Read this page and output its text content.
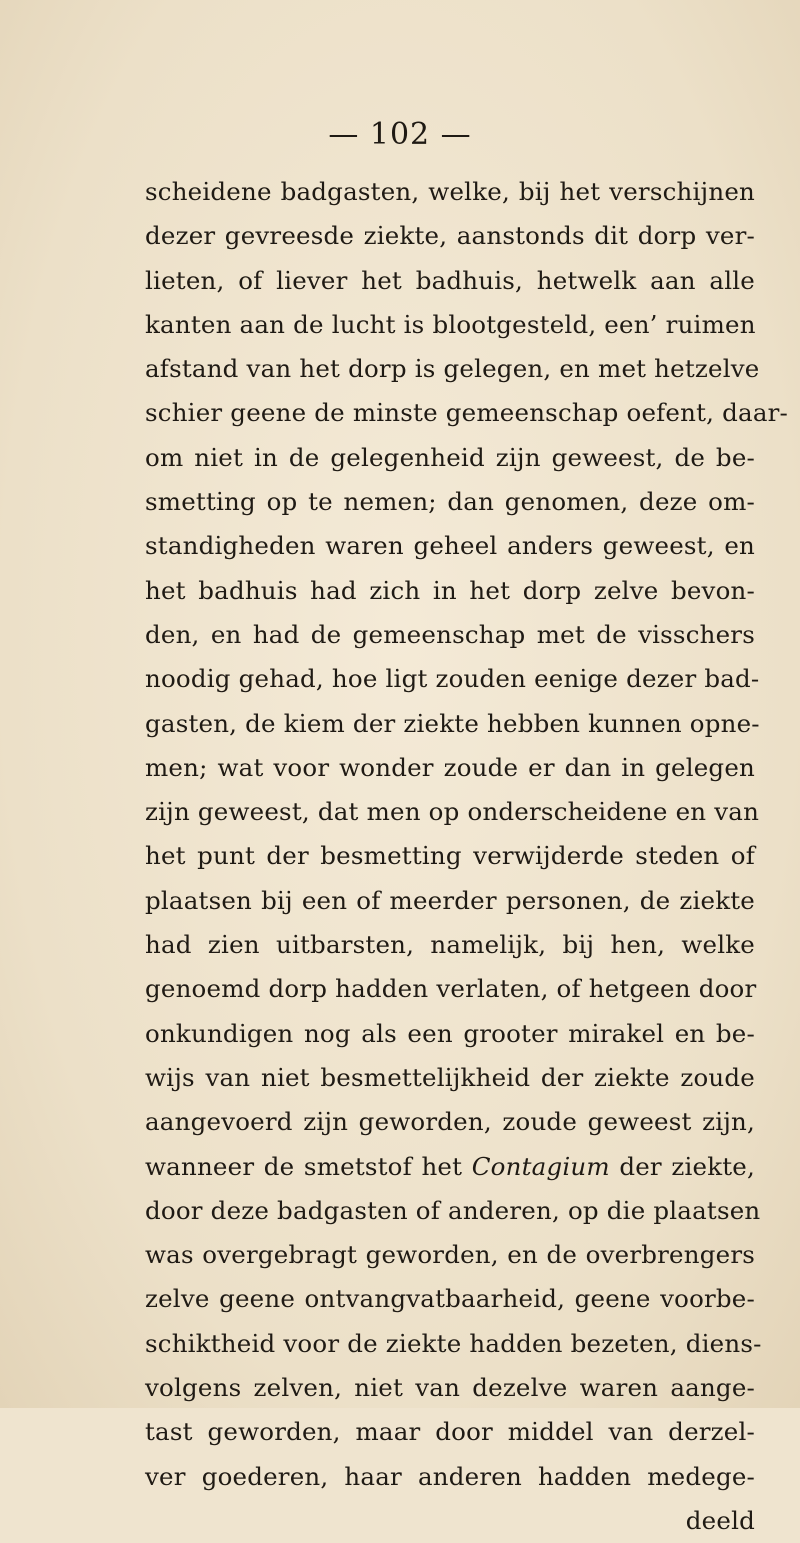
— 102 —
scheidene badgasten, welke, bij het verschijnen
dezer gevreesde ziekte, aanstonds dit dorp ver-
lieten, of liever het badhuis, hetwelk aan alle
kanten aan de lucht is blootgesteld, een’ ruimen
afstand van het dorp is gelegen, en met hetzelve
schier geene de minste gemeenschap oefent, daar-
om niet in de gelegenheid zijn geweest, de be-
smetting op te nemen; dan genomen, deze om-
standigheden waren geheel anders geweest, en
het badhuis had zich in het dorp zelve bevon-
den, en had de gemeenschap met de visschers
noodig gehad, hoe ligt zouden eenige dezer bad-
gasten, de kiem der ziekte hebben kunnen opne-
men; wat voor wonder zoude er dan in gelegen
zijn geweest, dat men op onderscheidene en van
het punt der besmetting verwijderde steden of
plaatsen bij een of meerder personen, de ziekte
had zien uitbarsten, namelijk, bij hen, welke
genoemd dorp hadden verlaten, of hetgeen door
onkundigen nog als een grooter mirakel en be-
wijs van niet besmettelijkheid der ziekte zoude
aangevoerd zijn geworden, zoude geweest zijn,
wanneer de smetstof het Contagium der ziekte,
door deze badgasten of anderen, op die plaatsen
was overgebragt geworden, en de overbrengers
zelve geene ontvangvatbaarheid, geene voorbe-
schiktheid voor de ziekte hadden bezeten, diens-
volgens zelven, niet van dezelve waren aange-
tast geworden, maar door middel van derzel-
ver goederen, haar anderen hadden medege-
deeld
